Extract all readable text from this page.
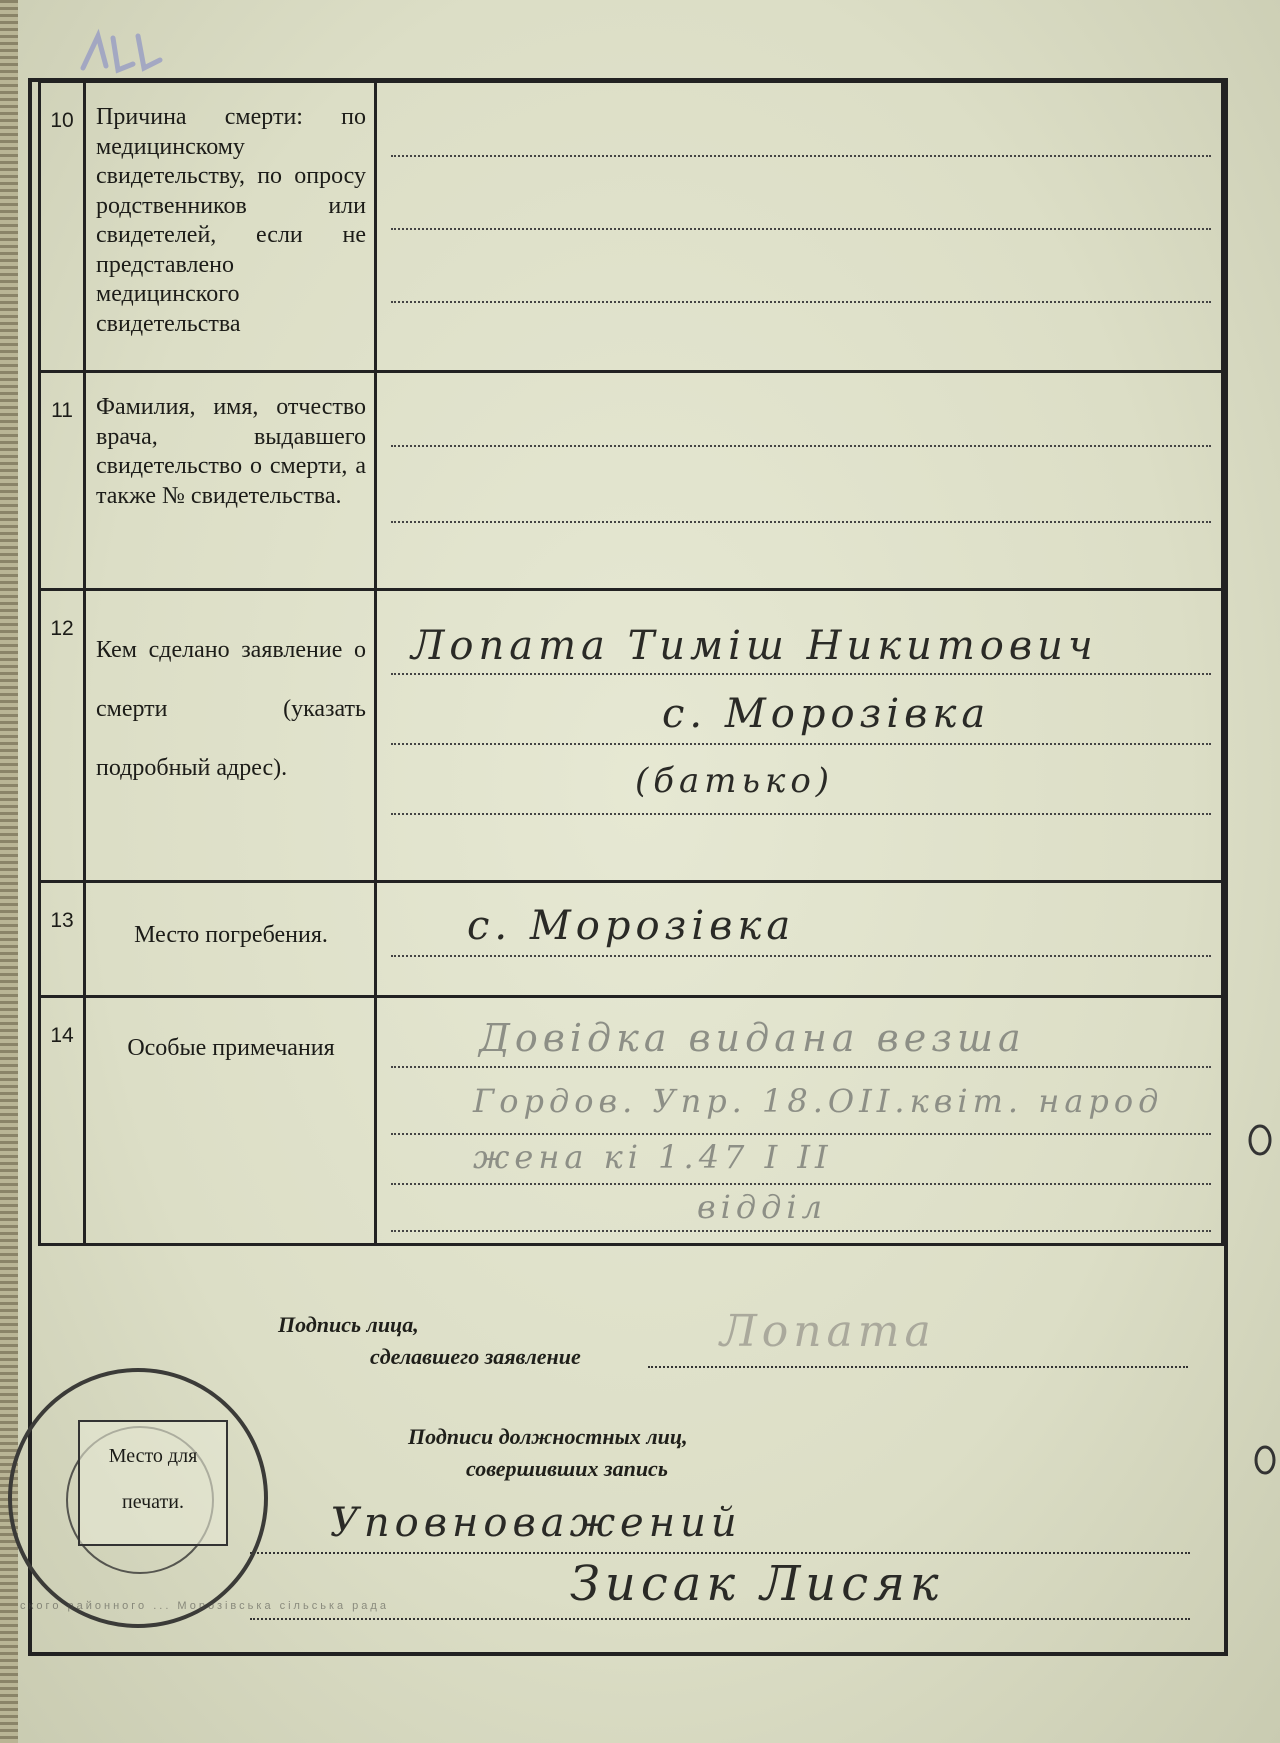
10	Причина смерти: по медицинскому свидетельству, по опросу родственников или свидетелей, если не представлено медицинского свидетельства	

11	Фамилия, имя, отчество врача, выдавшего свидетельство о смерти, а также № свидетельства.	

12	Кем сделано заявление о смерти (указать подробный адрес).	Лопата Тиміш Никитович
с. Морозівка
(батько)

13	Место погребения.	с. Морозівка

14	Особые примечания	Довідка видана везша
Гордов. Упр. 18.ОІІ.квіт. народ
жена кі 1.47 І ІІ
відділ
Подпись лица,
сделавшего заявление	Лопата
Подписи должностных лиц,
совершивших запись
Уповноважений
Зисак Лисяк
ского районного ... Морозівська сільська рада
Место для
печати.
